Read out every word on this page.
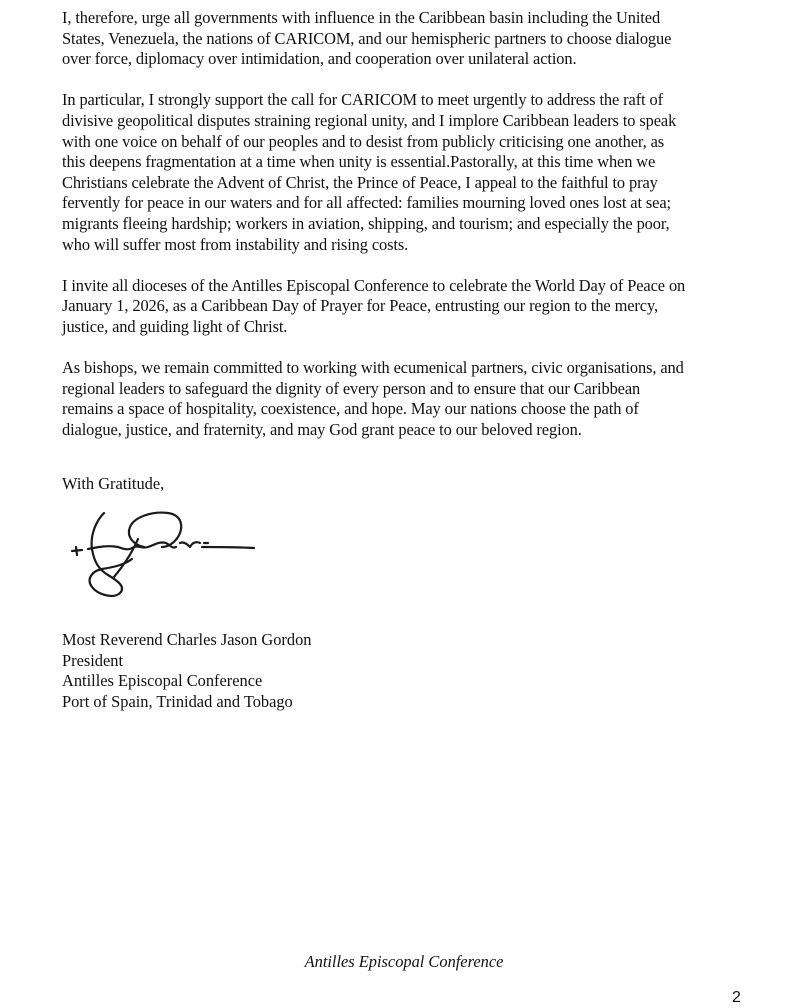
I, therefore, urge all governments with influence in the Caribbean basin including the United
States, Venezuela, the nations of CARICOM, and our hemispheric partners to choose dialogue
over force, diplomacy over intimidation, and cooperation over unilateral action.

In particular, I strongly support the call for CARICOM to meet urgently to address the raft of
divisive geopolitical disputes straining regional unity, and I implore Caribbean leaders to speak
with one voice on behalf of our peoples and to desist from publicly criticising one another, as
this deepens fragmentation at a time when unity is essential.Pastorally, at this time when we
Christians celebrate the Advent of Christ, the Prince of Peace, I appeal to the faithful to pray
fervently for peace in our waters and for all affected: families mourning loved ones lost at sea;
migrants fleeing hardship; workers in aviation, shipping, and tourism; and especially the poor,
who will suffer most from instability and rising costs.

I invite all dioceses of the Antilles Episcopal Conference to celebrate the World Day of Peace on
January 1, 2026, as a Caribbean Day of Prayer for Peace, entrusting our region to the mercy,
justice, and guiding light of Christ.

As bishops, we remain committed to working with ecumenical partners, civic organisations, and
regional leaders to safeguard the dignity of every person and to ensure that our Caribbean
remains a space of hospitality, coexistence, and hope. May our nations choose the path of
dialogue, justice, and fraternity, and may God grant peace to our beloved region.

With Gratitude,
Most Reverend Charles Jason Gordon
President
Antilles Episcopal Conference
Port of Spain, Trinidad and Tobago
Antilles Episcopal Conference
2
